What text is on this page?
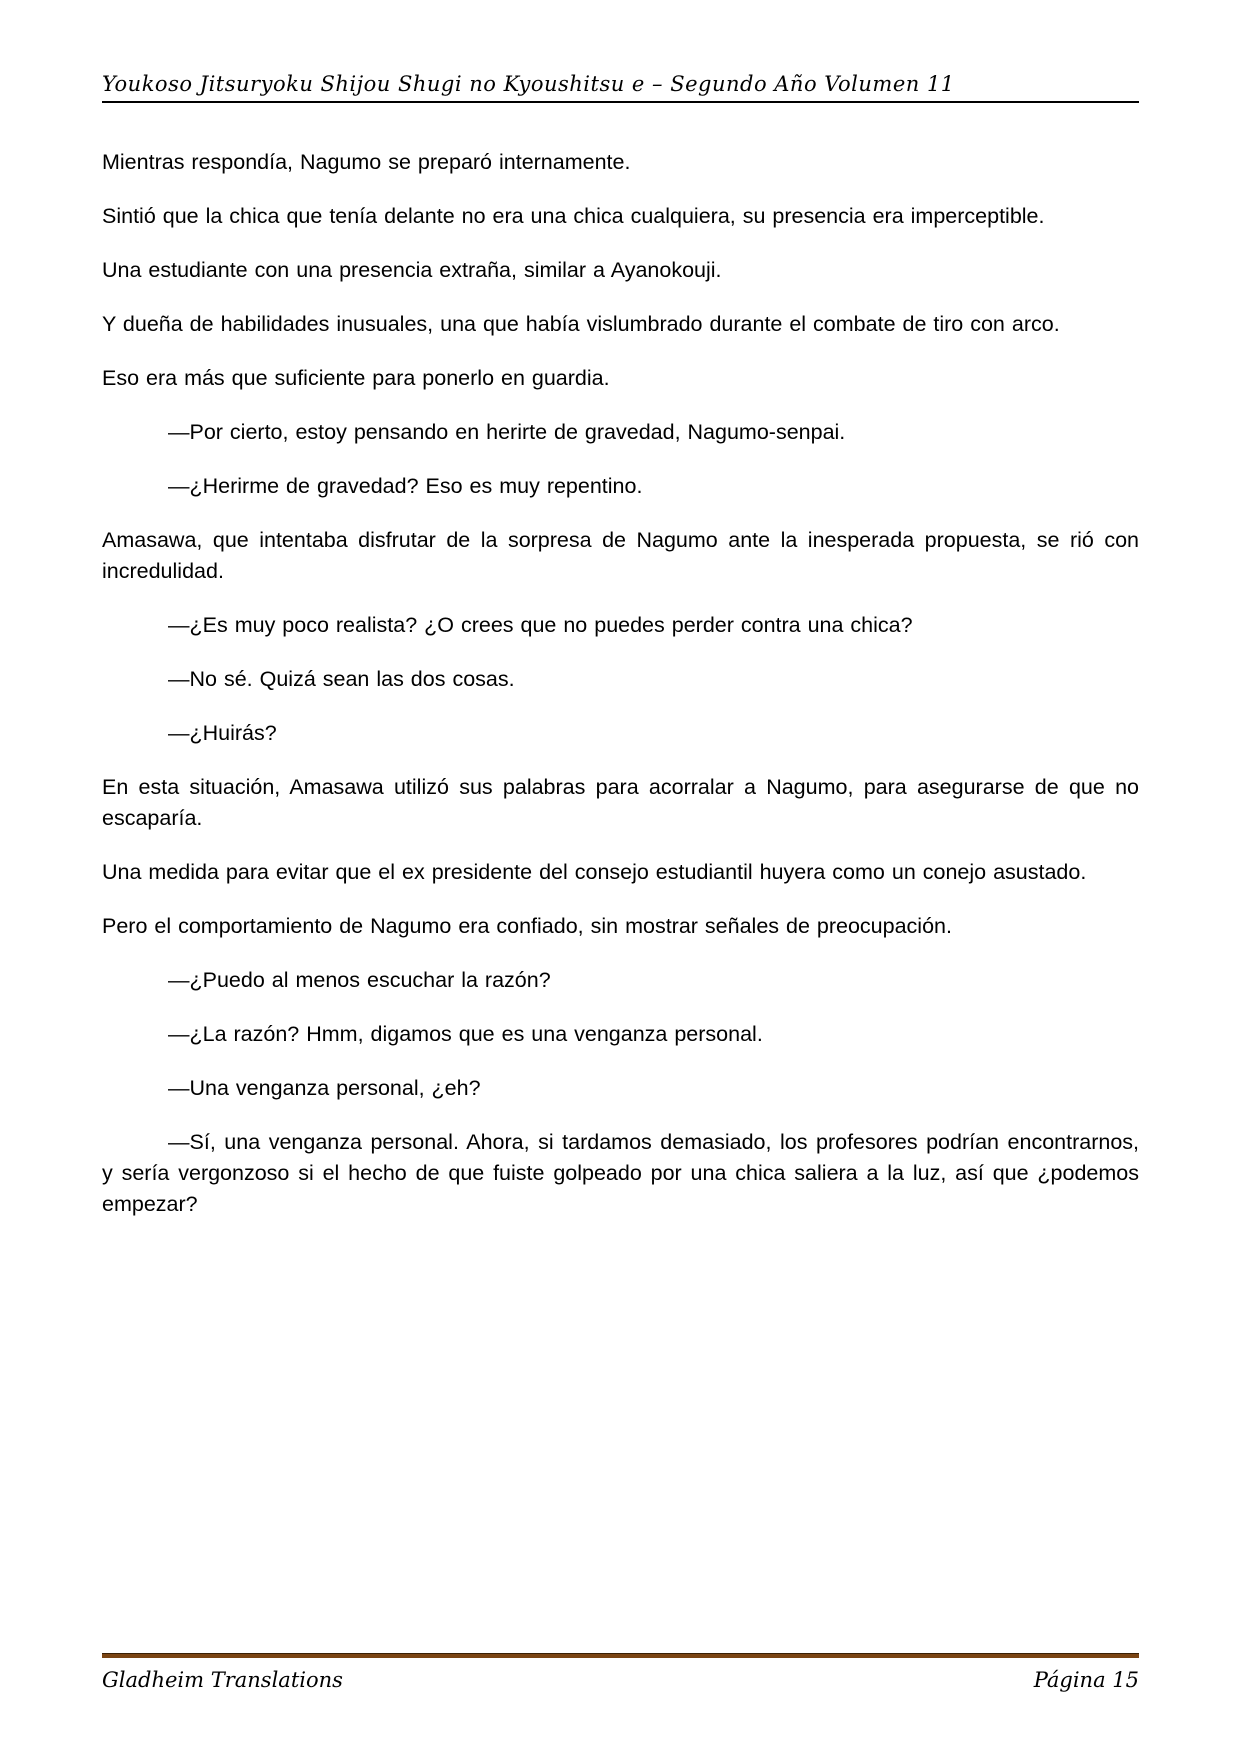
Youkoso Jitsuryoku Shijou Shugi no Kyoushitsu e – Segundo Año Volumen 11

Mientras respondía, Nagumo se preparó internamente.

Sintió que la chica que tenía delante no era una chica cualquiera, su presencia era imperceptible.

Una estudiante con una presencia extraña, similar a Ayanokouji.

Y dueña de habilidades inusuales, una que había vislumbrado durante el combate de tiro con arco.

Eso era más que suficiente para ponerlo en guardia.

—Por cierto, estoy pensando en herirte de gravedad, Nagumo-senpai.

—¿Herirme de gravedad? Eso es muy repentino.

Amasawa, que intentaba disfrutar de la sorpresa de Nagumo ante la inesperada propuesta, se rió con incredulidad.

—¿Es muy poco realista? ¿O crees que no puedes perder contra una chica?

—No sé. Quizá sean las dos cosas.

—¿Huirás?

En esta situación, Amasawa utilizó sus palabras para acorralar a Nagumo, para asegurarse de que no escaparía.

Una medida para evitar que el ex presidente del consejo estudiantil huyera como un conejo asustado.

Pero el comportamiento de Nagumo era confiado, sin mostrar señales de preocupación.

—¿Puedo al menos escuchar la razón?

—¿La razón? Hmm, digamos que es una venganza personal.

—Una venganza personal, ¿eh?

—Sí, una venganza personal. Ahora, si tardamos demasiado, los profesores podrían encontrarnos, y sería vergonzoso si el hecho de que fuiste golpeado por una chica saliera a la luz, así que ¿podemos empezar?

Gladheim Translations	Página 15
